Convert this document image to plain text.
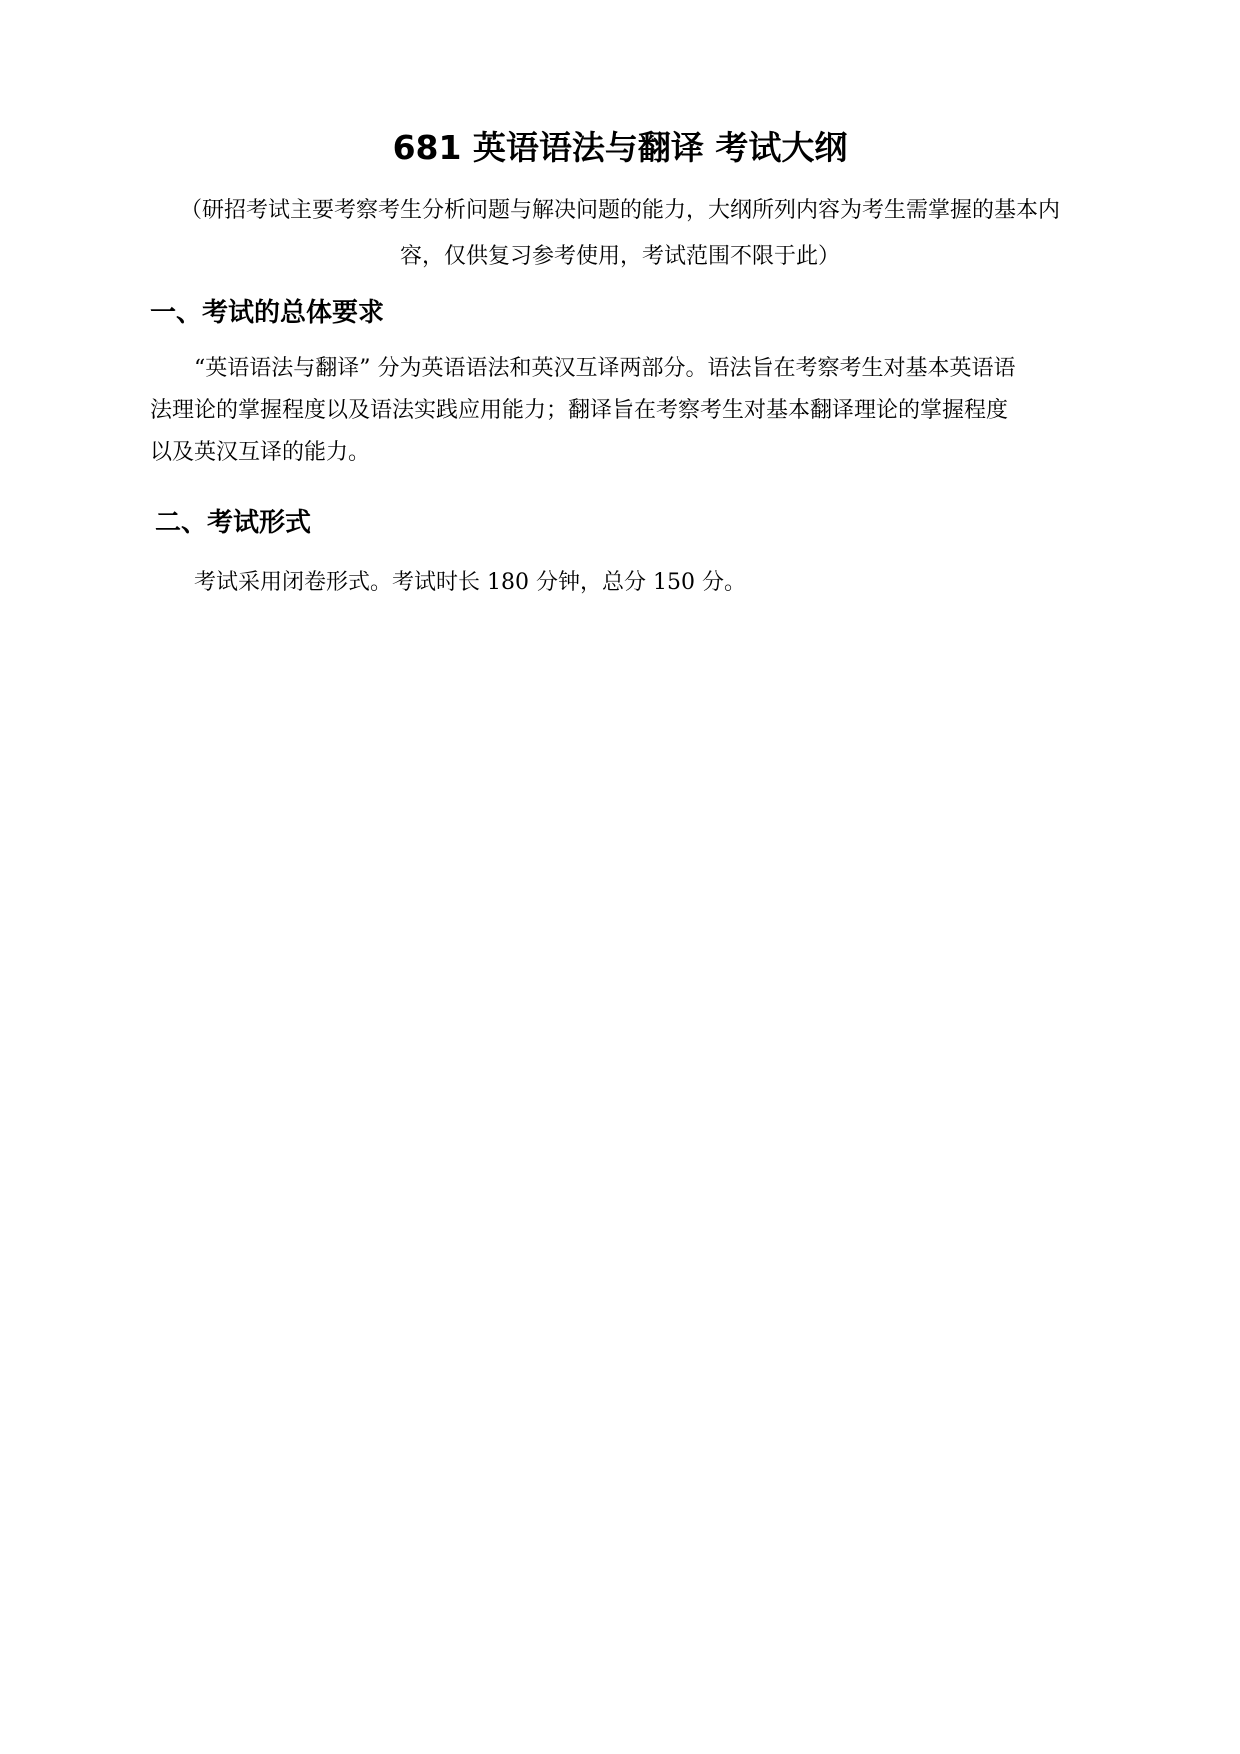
681 英语语法与翻译 考试大纲

（研招考试主要考察考生分析问题与解决问题的能力，大纲所列内容为考生需掌握的基本内
容，仅供复习参考使用，考试范围不限于此）

一、考试的总体要求

“英语语法与翻译” 分为英语语法和英汉互译两部分。语法旨在考察考生对基本英语语
法理论的掌握程度以及语法实践应用能力；翻译旨在考察考生对基本翻译理论的掌握程度
以及英汉互译的能力。

二、考试形式

考试采用闭卷形式。考试时长 180 分钟，总分 150 分。
